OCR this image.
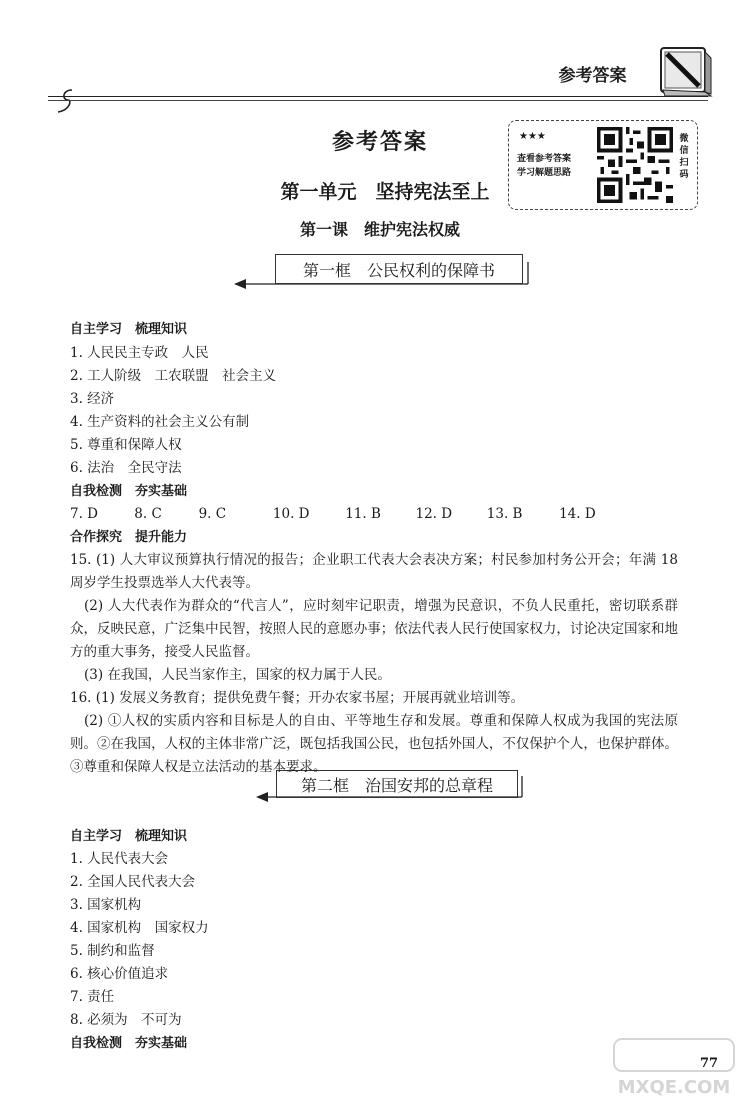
参考答案
参考答案
第一单元　坚持宪法至上
第一课　维护宪法权威
★★★
查看参考答案
学习解题思路
微信扫码
第一框　公民权利的保障书
第二框　治国安邦的总章程
自主学习　梳理知识
1. 人民民主专政　人民
2. 工人阶级　工农联盟　社会主义
3. 经济
4. 生产资料的社会主义公有制
5. 尊重和保障人权
6. 法治　全民守法
自我检测　夯实基础
7. D	8. C	9. C	10. D	11. B	12. D	13. B	14. D
合作探究　提升能力
15. (1) 人大审议预算执行情况的报告；企业职工代表大会表决方案；村民参加村务公开会；年满 18 周岁学生投票选举人大代表等。
(2) 人大代表作为群众的“代言人”，应时刻牢记职责，增强为民意识，不负人民重托，密切联系群众，反映民意，广泛集中民智，按照人民的意愿办事；依法代表人民行使国家权力，讨论决定国家和地方的重大事务，接受人民监督。
(3) 在我国，人民当家作主，国家的权力属于人民。
16. (1) 发展义务教育；提供免费午餐；开办农家书屋；开展再就业培训等。
(2) ①人权的实质内容和目标是人的自由、平等地生存和发展。尊重和保障人权成为我国的宪法原则。②在我国，人权的主体非常广泛，既包括我国公民，也包括外国人，不仅保护个人，也保护群体。③尊重和保障人权是立法活动的基本要求。
自主学习　梳理知识
1. 人民代表大会
2. 全国人民代表大会
3. 国家机构
4. 国家机构　国家权力
5. 制约和监督
6. 核心价值追求
7. 责任
8. 必须为　不可为
自我检测　夯实基础
77
MXQE.COM
